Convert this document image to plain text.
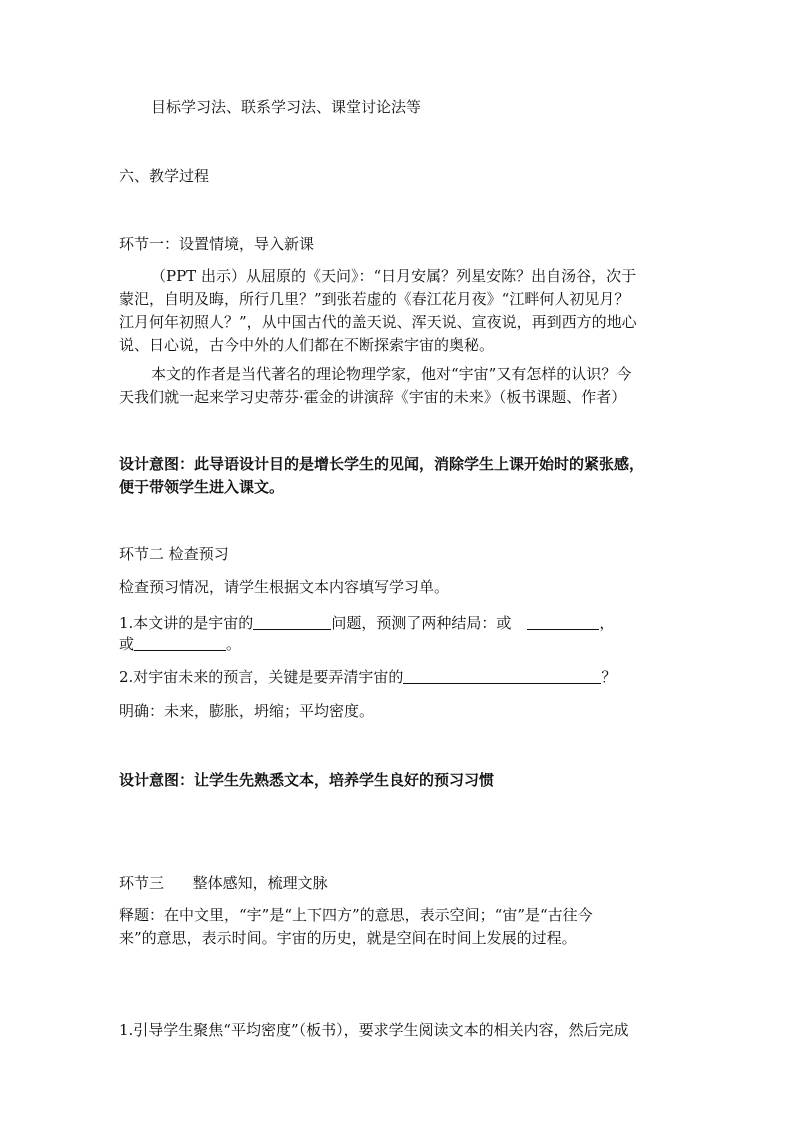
目标学习法、联系学习法、课堂讨论法等
六、教学过程
环节一：设置情境，导入新课
（PPT 出示）从屈原的《天问》：“日月安属？列星安陈？出自汤谷，次于
蒙汜，自明及晦，所行几里？”到张若虚的《春江花月夜》“江畔何人初见月？
江月何年初照人？”，从中国古代的盖天说、浑天说、宣夜说，再到西方的地心
说、日心说，古今中外的人们都在不断探索宇宙的奥秘。
本文的作者是当代著名的理论物理学家，他对“宇宙”又有怎样的认识？今
天我们就一起来学习史蒂芬·霍金的讲演辞《宇宙的未来》（板书课题、作者）
设计意图：此导语设计目的是增长学生的见闻，消除学生上课开始时的紧张感，
便于带领学生进入课文。
环节二 检查预习
检查预习情况，请学生根据文本内容填写学习单。
1.本文讲的是宇宙的	问题，预测了两种结局：或	，
或	。
2.对宇宙未来的预言，关键是要弄清宇宙的	？
明确：未来，膨胀，坍缩；平均密度。
设计意图：让学生先熟悉文本，培养学生良好的预习习惯
环节三      整体感知，梳理文脉
释题：在中文里，“宇”是“上下四方”的意思，表示空间；“宙”是“古往今
来”的意思，表示时间。宇宙的历史，就是空间在时间上发展的过程。
1.引导学生聚焦“平均密度”（板书），要求学生阅读文本的相关内容，然后完成
